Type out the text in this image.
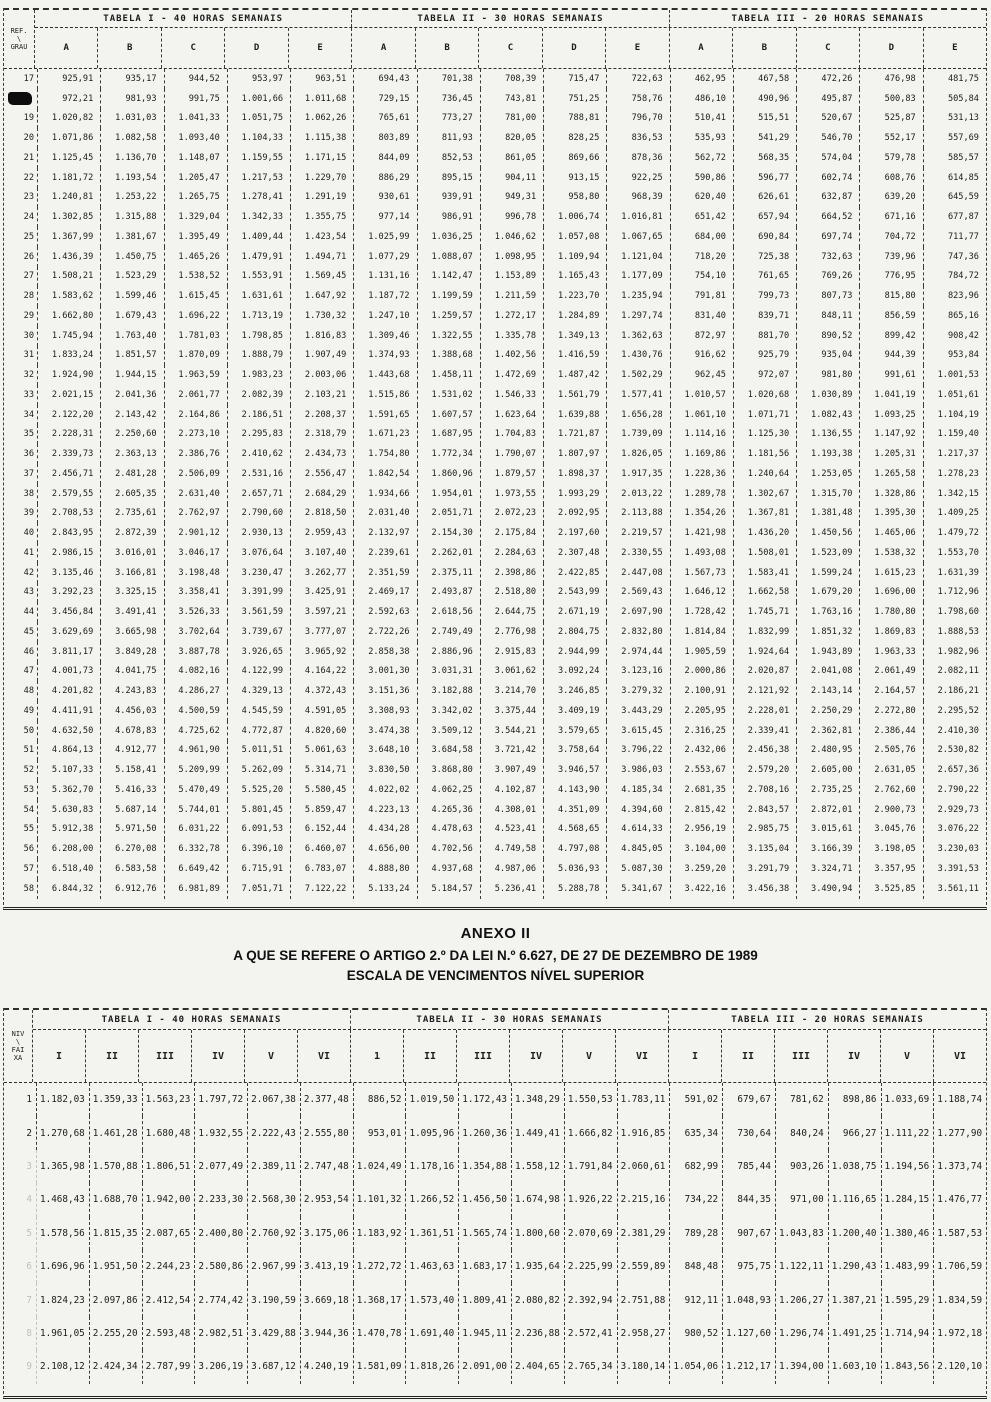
REF.
\
GRAU
TABELA I - 40 HORAS SEMANAIS	TABELA II - 30 HORAS SEMANAIS	TABELA III - 20 HORAS SEMANAIS
A	B	C	D	E	A	B	C	D	E	A	B	C	D	E
17	925,91	935,17	944,52	953,97	963,51	694,43	701,38	708,39	715,47	722,63	462,95	467,58	472,26	476,98	481,75
972,21	981,93	991,75	1.001,66	1.011,68	729,15	736,45	743,81	751,25	758,76	486,10	490,96	495,87	500,83	505,84
19	1.020,82	1.031,03	1.041,33	1.051,75	1.062,26	765,61	773,27	781,00	788,81	796,70	510,41	515,51	520,67	525,87	531,13
20	1.071,86	1.082,58	1.093,40	1.104,33	1.115,38	803,89	811,93	820,05	828,25	836,53	535,93	541,29	546,70	552,17	557,69
21	1.125,45	1.136,70	1.148,07	1.159,55	1.171,15	844,09	852,53	861,05	869,66	878,36	562,72	568,35	574,04	579,78	585,57
22	1.181,72	1.193,54	1.205,47	1.217,53	1.229,70	886,29	895,15	904,11	913,15	922,25	590,86	596,77	602,74	608,76	614,85
23	1.240,81	1.253,22	1.265,75	1.278,41	1.291,19	930,61	939,91	949,31	958,80	968,39	620,40	626,61	632,87	639,20	645,59
24	1.302,85	1.315,88	1.329,04	1.342,33	1.355,75	977,14	986,91	996,78	1.006,74	1.016,81	651,42	657,94	664,52	671,16	677,87
25	1.367,99	1.381,67	1.395,49	1.409,44	1.423,54	1.025,99	1.036,25	1.046,62	1.057,08	1.067,65	684,00	690,84	697,74	704,72	711,77
26	1.436,39	1.450,75	1.465,26	1.479,91	1.494,71	1.077,29	1.088,07	1.098,95	1.109,94	1.121,04	718,20	725,38	732,63	739,96	747,36
27	1.508,21	1.523,29	1.538,52	1.553,91	1.569,45	1.131,16	1.142,47	1.153,89	1.165,43	1.177,09	754,10	761,65	769,26	776,95	784,72
28	1.583,62	1.599,46	1.615,45	1.631,61	1.647,92	1.187,72	1.199,59	1.211,59	1.223,70	1.235,94	791,81	799,73	807,73	815,80	823,96
29	1.662,80	1.679,43	1.696,22	1.713,19	1.730,32	1.247,10	1.259,57	1.272,17	1.284,89	1.297,74	831,40	839,71	848,11	856,59	865,16
30	1.745,94	1.763,40	1.781,03	1.798,85	1.816,83	1.309,46	1.322,55	1.335,78	1.349,13	1.362,63	872,97	881,70	890,52	899,42	908,42
31	1.833,24	1.851,57	1.870,09	1.888,79	1.907,49	1.374,93	1.388,68	1.402,56	1.416,59	1.430,76	916,62	925,79	935,04	944,39	953,84
32	1.924,90	1.944,15	1.963,59	1.983,23	2.003,06	1.443,68	1.458,11	1.472,69	1.487,42	1.502,29	962,45	972,07	981,80	991,61	1.001,53
33	2.021,15	2.041,36	2.061,77	2.082,39	2.103,21	1.515,86	1.531,02	1.546,33	1.561,79	1.577,41	1.010,57	1.020,68	1.030,89	1.041,19	1.051,61
34	2.122,20	2.143,42	2.164,86	2.186,51	2.208,37	1.591,65	1.607,57	1.623,64	1.639,88	1.656,28	1.061,10	1.071,71	1.082,43	1.093,25	1.104,19
35	2.228,31	2.250,60	2.273,10	2.295,83	2.318,79	1.671,23	1.687,95	1.704,83	1.721,87	1.739,09	1.114,16	1.125,30	1.136,55	1.147,92	1.159,40
36	2.339,73	2.363,13	2.386,76	2.410,62	2.434,73	1.754,80	1.772,34	1.790,07	1.807,97	1.826,05	1.169,86	1.181,56	1.193,38	1.205,31	1.217,37
37	2.456,71	2.481,28	2.506,09	2.531,16	2.556,47	1.842,54	1.860,96	1.879,57	1.898,37	1.917,35	1.228,36	1.240,64	1.253,05	1.265,58	1.278,23
38	2.579,55	2.605,35	2.631,40	2.657,71	2.684,29	1.934,66	1.954,01	1.973,55	1.993,29	2.013,22	1.289,78	1.302,67	1.315,70	1.328,86	1.342,15
39	2.708,53	2.735,61	2.762,97	2.790,60	2.818,50	2.031,40	2.051,71	2.072,23	2.092,95	2.113,88	1.354,26	1.367,81	1.381,48	1.395,30	1.409,25
40	2.843,95	2.872,39	2.901,12	2.930,13	2.959,43	2.132,97	2.154,30	2.175,84	2.197,60	2.219,57	1.421,98	1.436,20	1.450,56	1.465,06	1.479,72
41	2.986,15	3.016,01	3.046,17	3.076,64	3.107,40	2.239,61	2.262,01	2.284,63	2.307,48	2.330,55	1.493,08	1.508,01	1.523,09	1.538,32	1.553,70
42	3.135,46	3.166,81	3.198,48	3.230,47	3.262,77	2.351,59	2.375,11	2.398,86	2.422,85	2.447,08	1.567,73	1.583,41	1.599,24	1.615,23	1.631,39
43	3.292,23	3.325,15	3.358,41	3.391,99	3.425,91	2.469,17	2.493,87	2.518,80	2.543,99	2.569,43	1.646,12	1.662,58	1.679,20	1.696,00	1.712,96
44	3.456,84	3.491,41	3.526,33	3.561,59	3.597,21	2.592,63	2.618,56	2.644,75	2.671,19	2.697,90	1.728,42	1.745,71	1.763,16	1.780,80	1.798,60
45	3.629,69	3.665,98	3.702,64	3.739,67	3.777,07	2.722,26	2.749,49	2.776,98	2.804,75	2.832,80	1.814,84	1.832,99	1.851,32	1.869,83	1.888,53
46	3.811,17	3.849,28	3.887,78	3.926,65	3.965,92	2.858,38	2.886,96	2.915,83	2.944,99	2.974,44	1.905,59	1.924,64	1.943,89	1.963,33	1.982,96
47	4.001,73	4.041,75	4.082,16	4.122,99	4.164,22	3.001,30	3.031,31	3.061,62	3.092,24	3.123,16	2.000,86	2.020,87	2.041,08	2.061,49	2.082,11
48	4.201,82	4.243,83	4.286,27	4.329,13	4.372,43	3.151,36	3.182,88	3.214,70	3.246,85	3.279,32	2.100,91	2.121,92	2.143,14	2.164,57	2.186,21
49	4.411,91	4.456,03	4.500,59	4.545,59	4.591,05	3.308,93	3.342,02	3.375,44	3.409,19	3.443,29	2.205,95	2.228,01	2.250,29	2.272,80	2.295,52
50	4.632,50	4.678,83	4.725,62	4.772,87	4.820,60	3.474,38	3.509,12	3.544,21	3.579,65	3.615,45	2.316,25	2.339,41	2.362,81	2.386,44	2.410,30
51	4.864,13	4.912,77	4.961,90	5.011,51	5.061,63	3.648,10	3.684,58	3.721,42	3.758,64	3.796,22	2.432,06	2.456,38	2.480,95	2.505,76	2.530,82
52	5.107,33	5.158,41	5.209,99	5.262,09	5.314,71	3.830,50	3.868,80	3.907,49	3.946,57	3.986,03	2.553,67	2.579,20	2.605,00	2.631,05	2.657,36
53	5.362,70	5.416,33	5.470,49	5.525,20	5.580,45	4.022,02	4.062,25	4.102,87	4.143,90	4.185,34	2.681,35	2.708,16	2.735,25	2.762,60	2.790,22
54	5.630,83	5.687,14	5.744,01	5.801,45	5.859,47	4.223,13	4.265,36	4.308,01	4.351,09	4.394,60	2.815,42	2.843,57	2.872,01	2.900,73	2.929,73
55	5.912,38	5.971,50	6.031,22	6.091,53	6.152,44	4.434,28	4.478,63	4.523,41	4.568,65	4.614,33	2.956,19	2.985,75	3.015,61	3.045,76	3.076,22
56	6.208,00	6.270,08	6.332,78	6.396,10	6.460,07	4.656,00	4.702,56	4.749,58	4.797,08	4.845,05	3.104,00	3.135,04	3.166,39	3.198,05	3.230,03
57	6.518,40	6.583,58	6.649,42	6.715,91	6.783,07	4.888,80	4.937,68	4.987,06	5.036,93	5.087,30	3.259,20	3.291,79	3.324,71	3.357,95	3.391,53
58	6.844,32	6.912,76	6.981,89	7.051,71	7.122,22	5.133,24	5.184,57	5.236,41	5.288,78	5.341,67	3.422,16	3.456,38	3.490,94	3.525,85	3.561,11
ANEXO II
A QUE SE REFERE O ARTIGO 2.º DA LEI N.º 6.627, DE 27 DE DEZEMBRO DE 1989
ESCALA DE VENCIMENTOS NÍVEL SUPERIOR
NIV
\
FAI
XA
TABELA I - 40 HORAS SEMANAIS	TABELA II - 30 HORAS SEMANAIS	TABELA III - 20 HORAS SEMANAIS
I	II	III	IV	V	VI	1	II	III	IV	V	VI	I	II	III	IV	V	VI
1 1.182,03 1.359,33 1.563,23 1.797,72 2.067,38 2.377,48	886,52 1.019,50 1.172,43 1.348,29 1.550,53 1.783,11	591,02	679,67	781,62	898,86 1.033,69 1.188,74
2 1.270,68 1.461,28 1.680,48 1.932,55 2.222,43 2.555,80	953,01 1.095,96 1.260,36 1.449,41 1.666,82 1.916,85	635,34	730,64	840,24	966,27 1.111,22 1.277,90
3 1.365,98 1.570,88 1.806,51 2.077,49 2.389,11 2.747,48 1.024,49 1.178,16 1.354,88 1.558,12 1.791,84 2.060,61	682,99	785,44	903,26 1.038,75 1.194,56 1.373,74
4 1.468,43 1.688,70 1.942,00 2.233,30 2.568,30 2.953,54 1.101,32 1.266,52 1.456,50 1.674,98 1.926,22 2.215,16	734,22	844,35	971,00 1.116,65 1.284,15 1.476,77
5 1.578,56 1.815,35 2.087,65 2.400,80 2.760,92 3.175,06 1.183,92 1.361,51 1.565,74 1.800,60 2.070,69 2.381,29	789,28	907,67 1.043,83 1.200,40 1.380,46 1.587,53
6 1.696,96 1.951,50 2.244,23 2.580,86 2.967,99 3.413,19 1.272,72 1.463,63 1.683,17 1.935,64 2.225,99 2.559,89	848,48	975,75 1.122,11 1.290,43 1.483,99 1.706,59
7 1.824,23 2.097,86 2.412,54 2.774,42 3.190,59 3.669,18 1.368,17 1.573,40 1.809,41 2.080,82 2.392,94 2.751,88	912,11 1.048,93 1.206,27 1.387,21 1.595,29 1.834,59
8 1.961,05 2.255,20 2.593,48 2.982,51 3.429,88 3.944,36 1.470,78 1.691,40 1.945,11 2.236,88 2.572,41 2.958,27	980,52 1.127,60 1.296,74 1.491,25 1.714,94 1.972,18
9 2.108,12 2.424,34 2.787,99 3.206,19 3.687,12 4.240,19 1.581,09 1.818,26 2.091,00 2.404,65 2.765,34 3.180,14 1.054,06 1.212,17 1.394,00 1.603,10 1.843,56 2.120,10
